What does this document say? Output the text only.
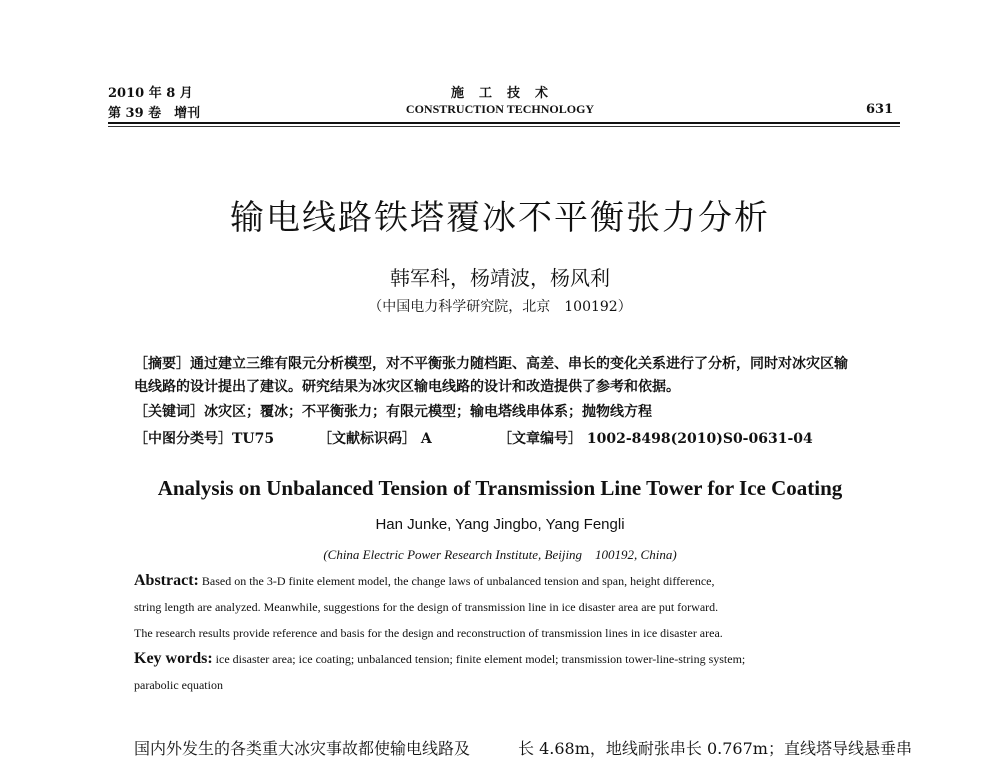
2010 年 8 月
第 39 卷　增刊
施　工　技　术
CONSTRUCTION TECHNOLOGY	631
输电线路铁塔覆冰不平衡张力分析
韩军科，杨靖波，杨风利
（中国电力科学研究院，北京　100192）
［摘要］通过建立三维有限元分析模型，对不平衡张力随档距、高差、串长的变化关系进行了分析，同时对冰灾区输
电线路的设计提出了建议。研究结果为冰灾区输电线路的设计和改造提供了参考和依据。
［关键词］冰灾区；覆冰；不平衡张力；有限元模型；输电塔线串体系；抛物线方程
［中图分类号］TU75	［文献标识码］ A	［文章编号］ 1002-8498(2010)S0-0631-04
Analysis on Unbalanced Tension of Transmission Line Tower for Ice Coating
Han Junke, Yang Jingbo, Yang Fengli
(China Electric Power Research Institute, Beijing　100192, China)
Abstract: Based on the 3-D finite element model, the change laws of unbalanced tension and span, height difference,
string length are analyzed. Meanwhile, suggestions for the design of transmission line in ice disaster area are put forward.
The research results provide reference and basis for the design and reconstruction of transmission lines in ice disaster area.
Key words: ice disaster area; ice coating; unbalanced tension; finite element model; transmission tower-line-string system;
parabolic equation
国内外发生的各类重大冰灾事故都使输电线路及	长 4.68m，地线耐张串长 0.767m；直线塔导线悬垂串
